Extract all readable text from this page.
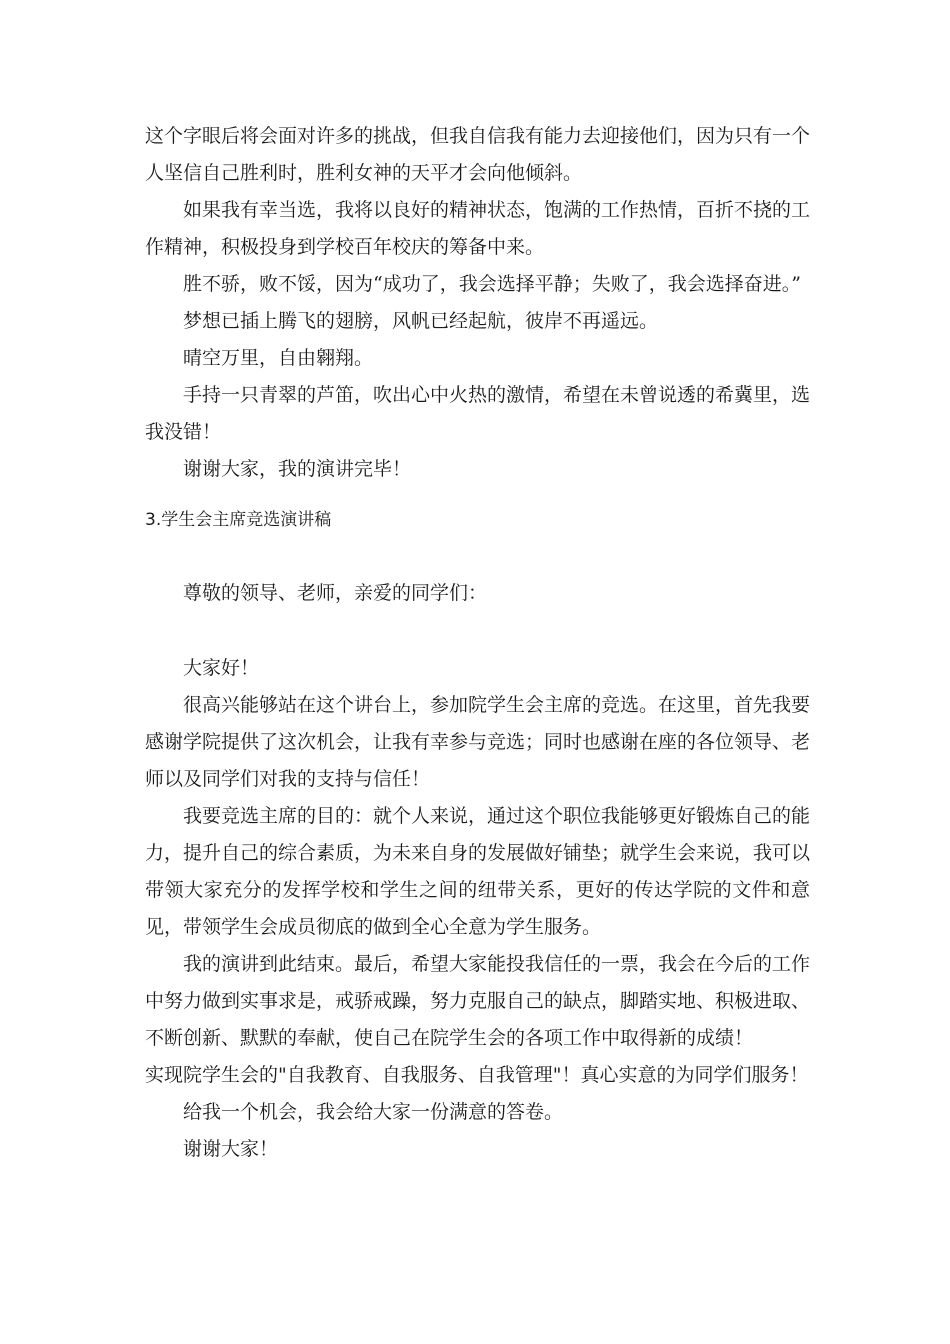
这个字眼后将会面对许多的挑战，但我自信我有能力去迎接他们，因为只有一个人坚信自己胜利时，胜利女神的天平才会向他倾斜。

如果我有幸当选，我将以良好的精神状态，饱满的工作热情，百折不挠的工作精神，积极投身到学校百年校庆的筹备中来。

胜不骄，败不馁，因为“成功了，我会选择平静；失败了，我会选择奋进。”

梦想已插上腾飞的翅膀，风帆已经起航，彼岸不再遥远。

晴空万里，自由翱翔。

手持一只青翠的芦笛，吹出心中火热的激情，希望在未曾说透的希冀里，选我没错！

谢谢大家，我的演讲完毕！

3.学生会主席竞选演讲稿

尊敬的领导、老师，亲爱的同学们：

大家好！

很高兴能够站在这个讲台上，参加院学生会主席的竞选。在这里，首先我要感谢学院提供了这次机会，让我有幸参与竞选；同时也感谢在座的各位领导、老师以及同学们对我的支持与信任！

我要竞选主席的目的：就个人来说，通过这个职位我能够更好锻炼自己的能力，提升自己的综合素质，为未来自身的发展做好铺垫；就学生会来说，我可以带领大家充分的发挥学校和学生之间的纽带关系，更好的传达学院的文件和意见，带领学生会成员彻底的做到全心全意为学生服务。

我的演讲到此结束。最后，希望大家能投我信任的一票，我会在今后的工作中努力做到实事求是，戒骄戒躁，努力克服自己的缺点，脚踏实地、积极进取、不断创新、默默的奉献，使自己在院学生会的各项工作中取得新的成绩！

实现院学生会的"自我教育、自我服务、自我管理"！真心实意的为同学们服务！

给我一个机会，我会给大家一份满意的答卷。

谢谢大家！
